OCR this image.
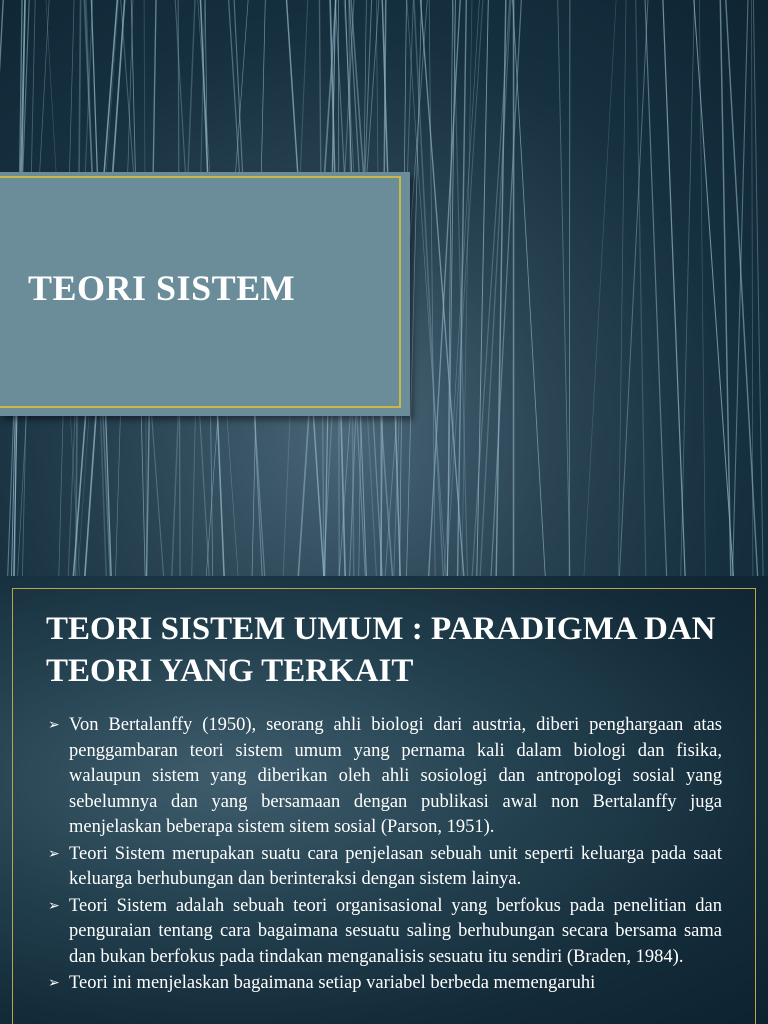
TEORI SISTEM
TEORI SISTEM UMUM : PARADIGMA DAN TEORI YANG TERKAIT
➢ Von Bertalanffy (1950), seorang ahli biologi dari austria, diberi penghargaan atas penggambaran teori sistem umum yang pernama kali dalam biologi dan fisika, walaupun sistem yang diberikan oleh ahli sosiologi dan antropologi sosial yang sebelumnya dan yang bersamaan dengan publikasi awal non Bertalanffy juga menjelaskan beberapa sistem sitem sosial (Parson, 1951).
➢ Teori Sistem merupakan suatu cara penjelasan sebuah unit seperti keluarga pada saat keluarga berhubungan dan berinteraksi dengan sistem lainya.
➢ Teori Sistem adalah sebuah teori organisasional yang berfokus pada penelitian dan penguraian tentang cara bagaimana sesuatu saling berhubungan secara bersama sama dan bukan berfokus pada tindakan menganalisis sesuatu itu sendiri (Braden, 1984).
➢ Teori ini menjelaskan bagaimana setiap variabel berbeda memengaruhi
